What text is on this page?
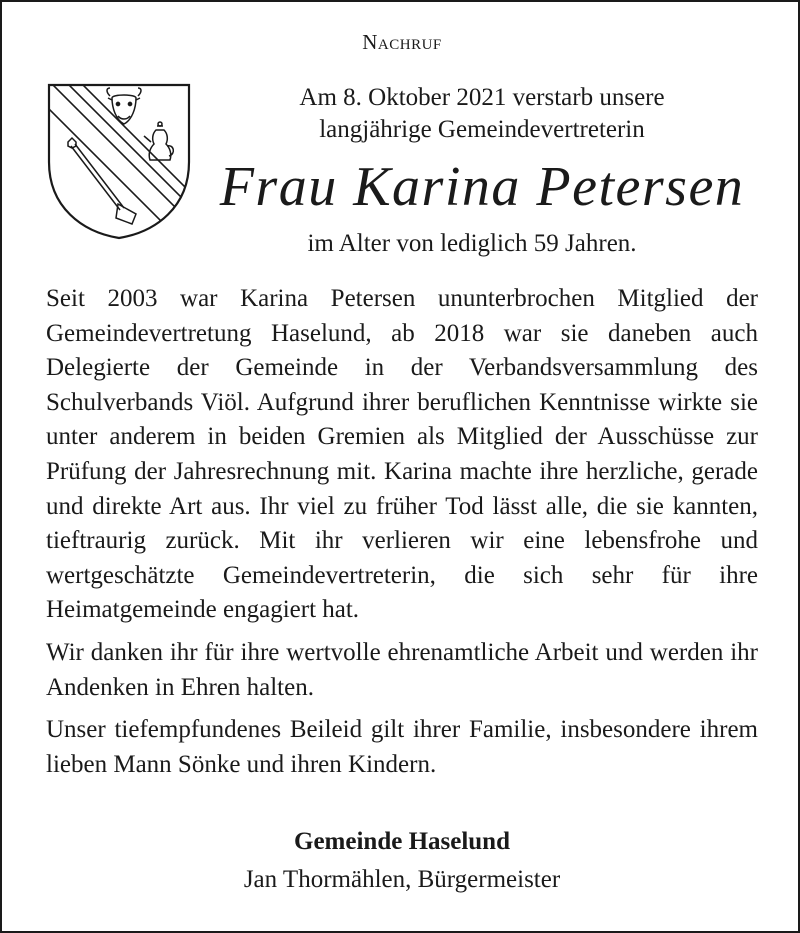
Nachruf
Am 8. Oktober 2021 verstarb unsere
langjährige Gemeindevertreterin
Frau Karina Petersen
im Alter von lediglich 59 Jahren.

Seit 2003 war Karina Petersen ununterbrochen Mitglied der Gemeindevertretung Haselund, ab 2018 war sie daneben auch Delegierte der Gemeinde in der Verbandsversammlung des Schulverbands Viöl. Aufgrund ihrer beruflichen Kenntnisse wirkte sie unter anderem in beiden Gremien als Mitglied der Ausschüsse zur Prüfung der Jahresrechnung mit. Karina machte ihre herzliche, gerade und direkte Art aus. Ihr viel zu früher Tod lässt alle, die sie kannten, tieftraurig zurück. Mit ihr verlieren wir eine lebensfrohe und wertgeschätzte Gemeindevertreterin, die sich sehr für ihre Heimatgemeinde engagiert hat.

Wir danken ihr für ihre wertvolle ehrenamtliche Arbeit und werden ihr Andenken in Ehren halten.

Unser tiefempfundenes Beileid gilt ihrer Familie, insbesondere ihrem lieben Mann Sönke und ihren Kindern.

Gemeinde Haselund
Jan Thormählen, Bürgermeister
